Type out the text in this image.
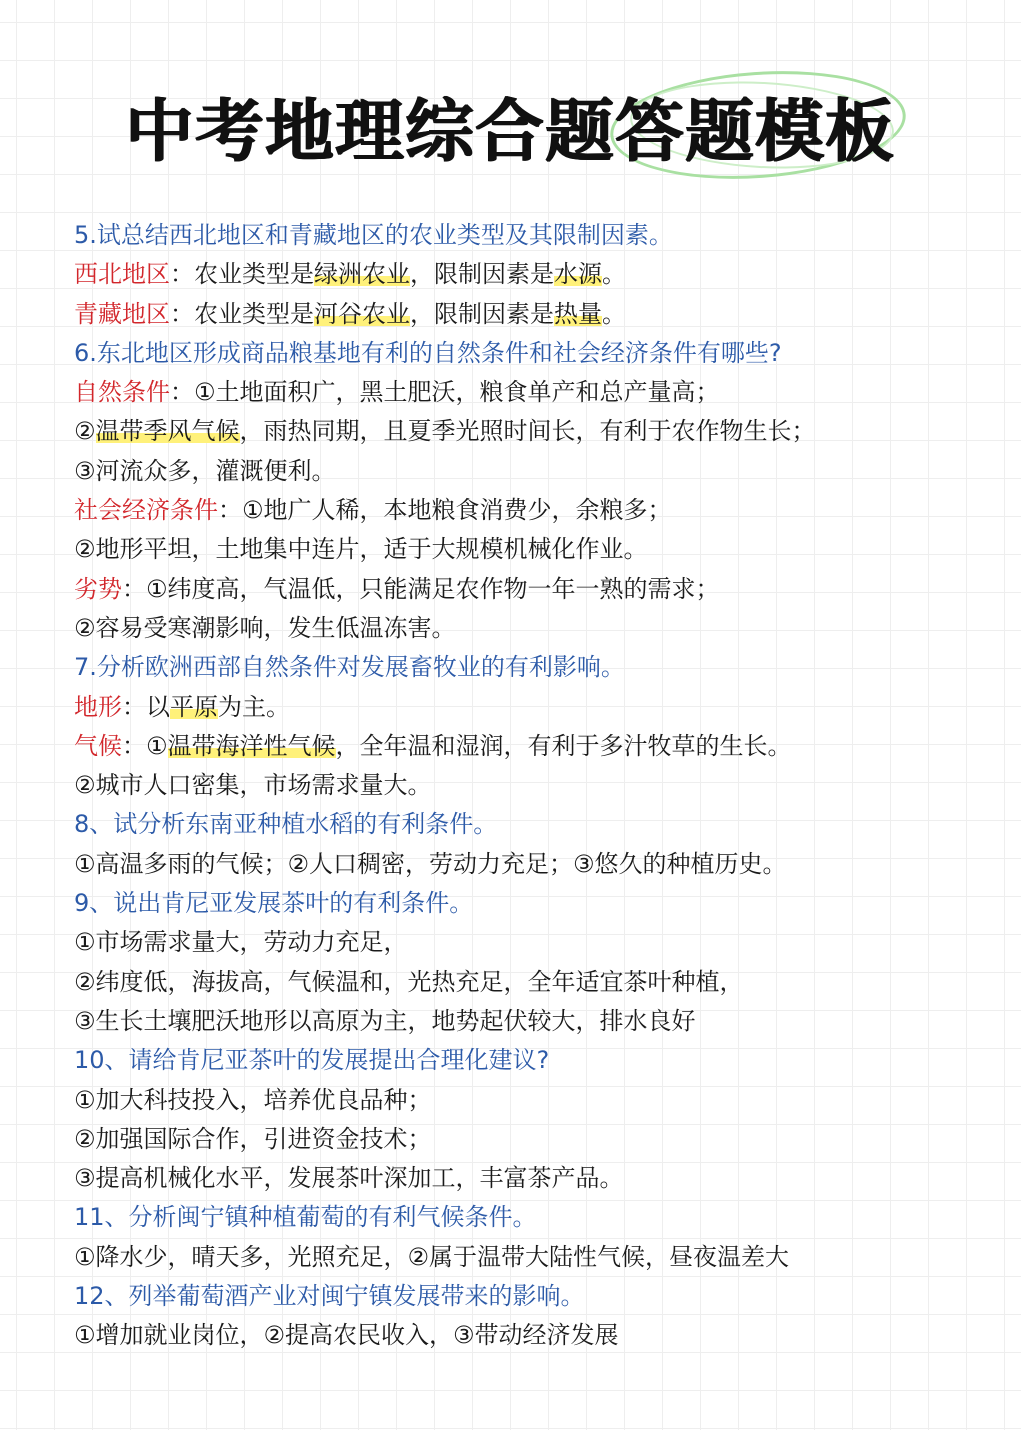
中考地理综合题答题模板
5.试总结西北地区和青藏地区的农业类型及其限制因素。
西北地区：农业类型是绿洲农业，限制因素是水源。
青藏地区：农业类型是河谷农业，限制因素是热量。
6.东北地区形成商品粮基地有利的自然条件和社会经济条件有哪些?
自然条件：①土地面积广，黑土肥沃，粮食单产和总产量高；
②温带季风气候，雨热同期，且夏季光照时间长，有利于农作物生长；
③河流众多，灌溉便利。
社会经济条件：①地广人稀，本地粮食消费少，余粮多；
②地形平坦，土地集中连片，适于大规模机械化作业。
劣势：①纬度高，气温低，只能满足农作物一年一熟的需求；
②容易受寒潮影响，发生低温冻害。
7.分析欧洲西部自然条件对发展畜牧业的有利影响。
地形：以平原为主。
气候：①温带海洋性气候，全年温和湿润，有利于多汁牧草的生长。
②城市人口密集，市场需求量大。
8、试分析东南亚种植水稻的有利条件。
①高温多雨的气候；②人口稠密，劳动力充足；③悠久的种植历史。
9、说出肯尼亚发展茶叶的有利条件。
①市场需求量大，劳动力充足，
②纬度低，海拔高，气候温和，光热充足，全年适宜茶叶种植，
③生长土壤肥沃地形以高原为主，地势起伏较大，排水良好
10、请给肯尼亚茶叶的发展提出合理化建议?
①加大科技投入，培养优良品种；
②加强国际合作，引进资金技术；
③提高机械化水平，发展茶叶深加工，丰富茶产品。
11、分析闽宁镇种植葡萄的有利气候条件。
①降水少，晴天多，光照充足，②属于温带大陆性气候，昼夜温差大
12、列举葡萄酒产业对闽宁镇发展带来的影响。
①增加就业岗位，②提高农民收入，③带动经济发展
